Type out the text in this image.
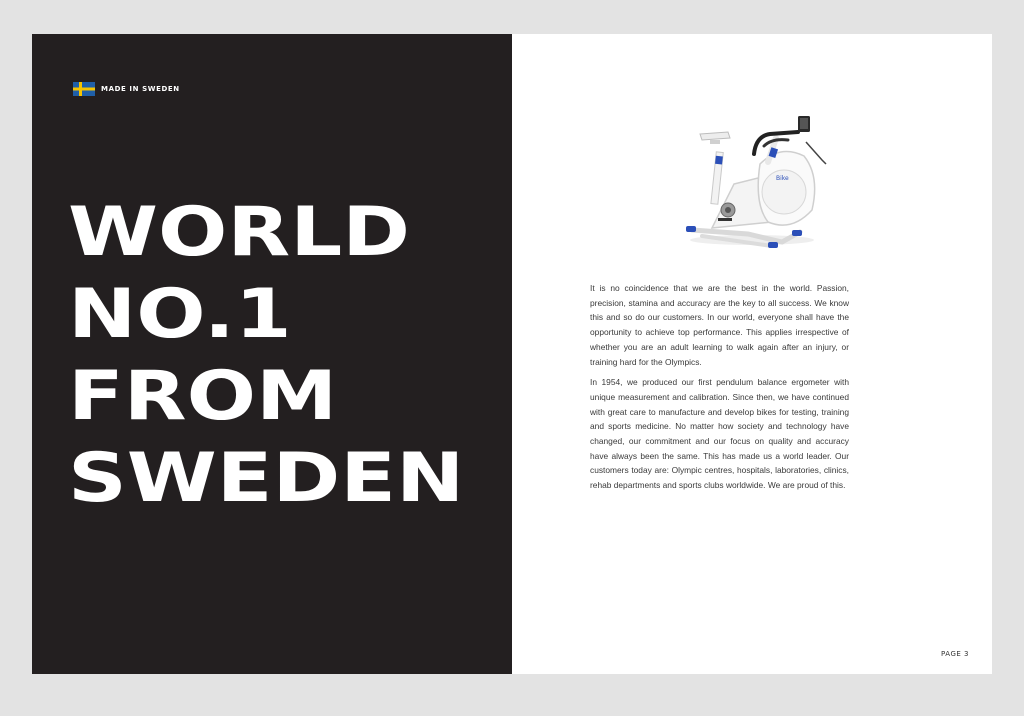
MADE IN SWEDEN
WORLD
NO.1
FROM
SWEDEN
Bike
PAGE 3

It is no coincidence that we are the best in the world. Passion, precision, stamina and accuracy are the key to all success. We know this and so do our customers. In our world, everyone shall have the opportunity to achieve top performance. This applies irrespective of whether you are an adult learning to walk again after an injury, or training hard for the Olympics.

In 1954, we produced our first pendulum balance ergometer with unique measurement and calibration. Since then, we have continued with great care to manufacture and develop bikes for testing, training and sports medicine. No matter how society and technology have changed, our commitment and our focus on quality and accuracy have always been the same. This has made us a world leader. Our customers today are: Olympic centres, hospitals, laboratories, clinics, rehab departments and sports clubs worldwide. We are proud of this.
